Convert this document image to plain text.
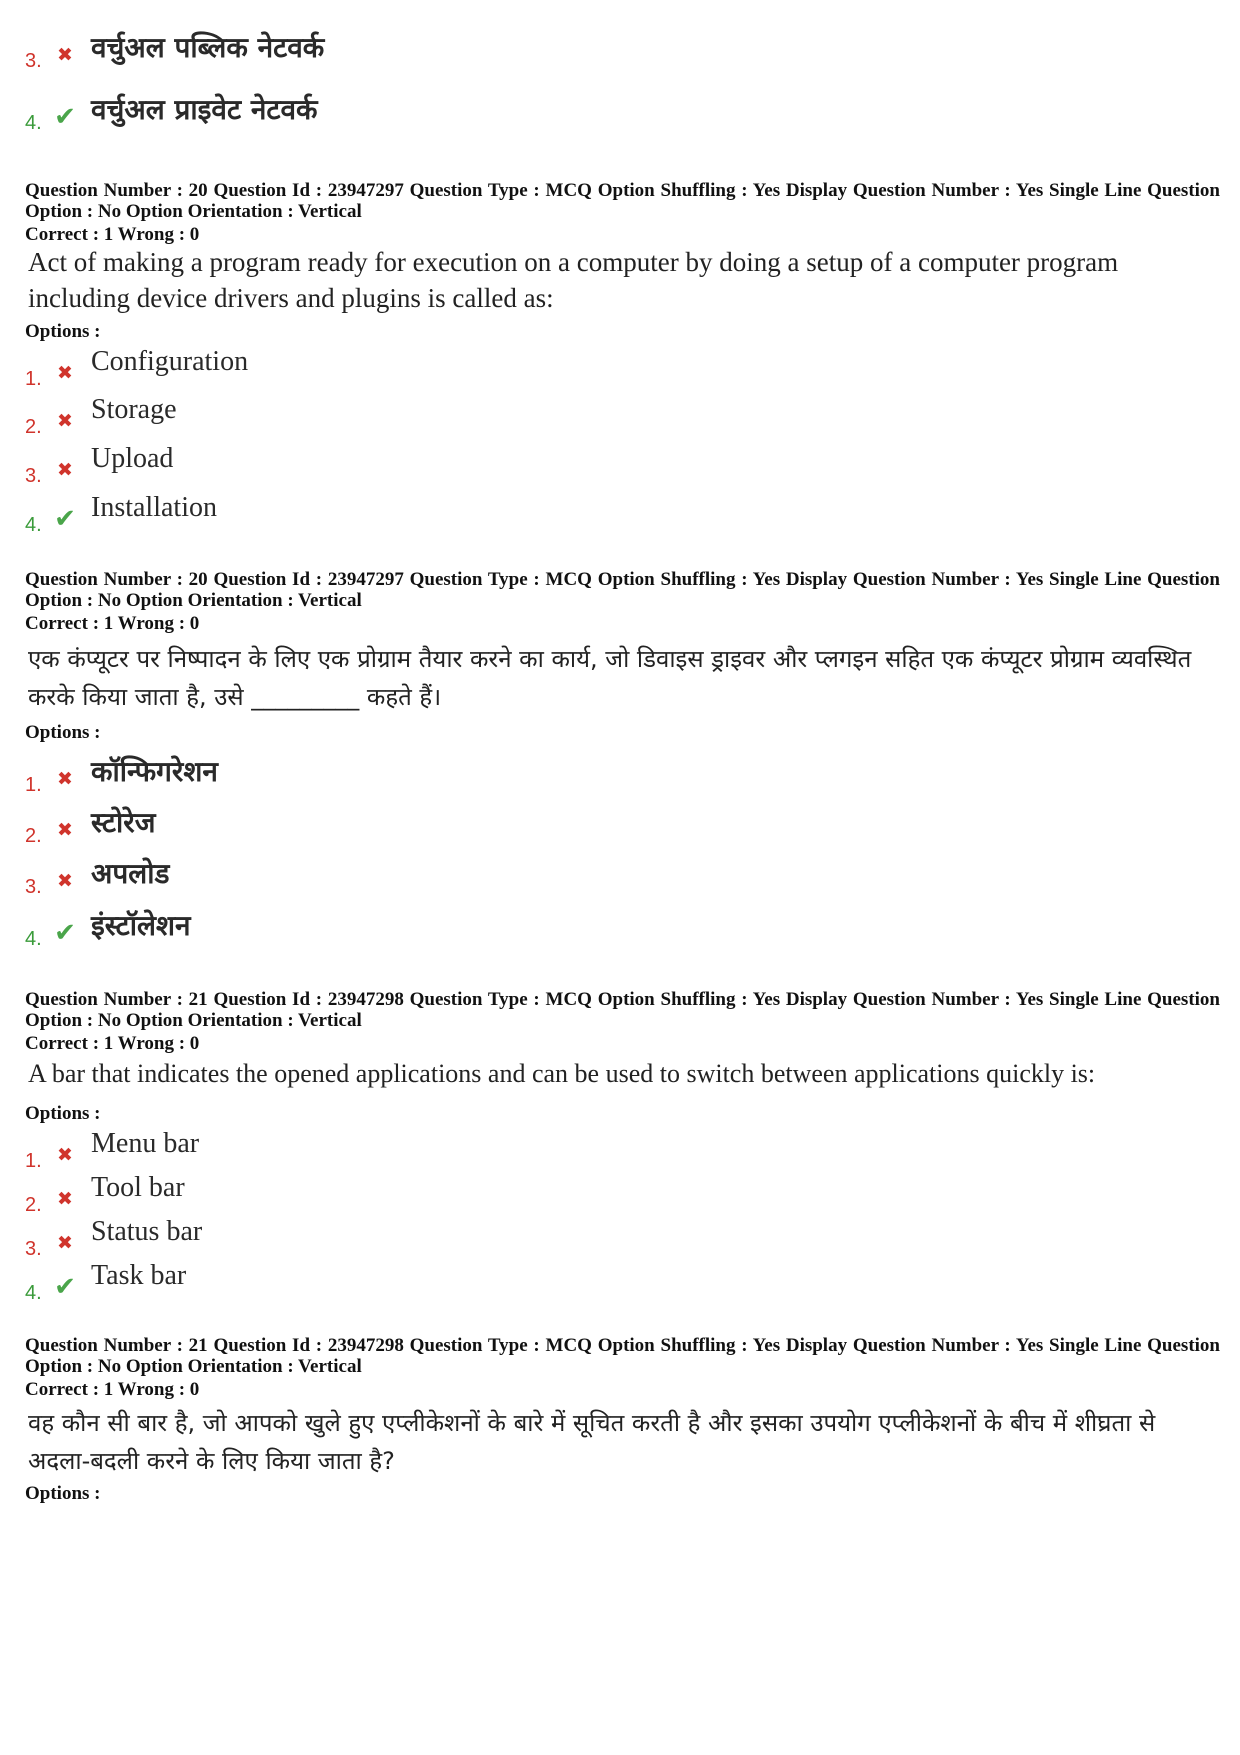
3. ✖ वर्चुअल पब्लिक नेटवर्क
4. ✔ वर्चुअल प्राइवेट नेटवर्क
Question Number : 20 Question Id : 23947297 Question Type : MCQ Option Shuffling : Yes Display Question Number : Yes Single Line Question Option : No Option Orientation : Vertical
Correct : 1 Wrong : 0
Act of making a program ready for execution on a computer by doing a setup of a computer program including device drivers and plugins is called as:
Options :
1. ✖ Configuration
2. ✖ Storage
3. ✖ Upload
4. ✔ Installation
Question Number : 20 Question Id : 23947297 Question Type : MCQ Option Shuffling : Yes Display Question Number : Yes Single Line Question Option : No Option Orientation : Vertical
Correct : 1 Wrong : 0
एक कंप्यूटर पर निष्पादन के लिए एक प्रोग्राम तैयार करने का कार्य, जो डिवाइस ड्राइवर और प्लगइन सहित एक कंप्यूटर प्रोग्राम व्यवस्थित करके किया जाता है, उसे _________ कहते हैं।
Options :
1. ✖ कॉन्फिगरेशन
2. ✖ स्टोरेज
3. ✖ अपलोड
4. ✔ इंस्टॉलेशन
Question Number : 21 Question Id : 23947298 Question Type : MCQ Option Shuffling : Yes Display Question Number : Yes Single Line Question Option : No Option Orientation : Vertical
Correct : 1 Wrong : 0
A bar that indicates the opened applications and can be used to switch between applications quickly is:
Options :
1. ✖ Menu bar
2. ✖ Tool bar
3. ✖ Status bar
4. ✔ Task bar
Question Number : 21 Question Id : 23947298 Question Type : MCQ Option Shuffling : Yes Display Question Number : Yes Single Line Question Option : No Option Orientation : Vertical
Correct : 1 Wrong : 0
वह कौन सी बार है, जो आपको खुले हुए एप्लीकेशनों के बारे में सूचित करती है और इसका उपयोग एप्लीकेशनों के बीच में शीघ्रता से अदला-बदली करने के लिए किया जाता है?
Options :
